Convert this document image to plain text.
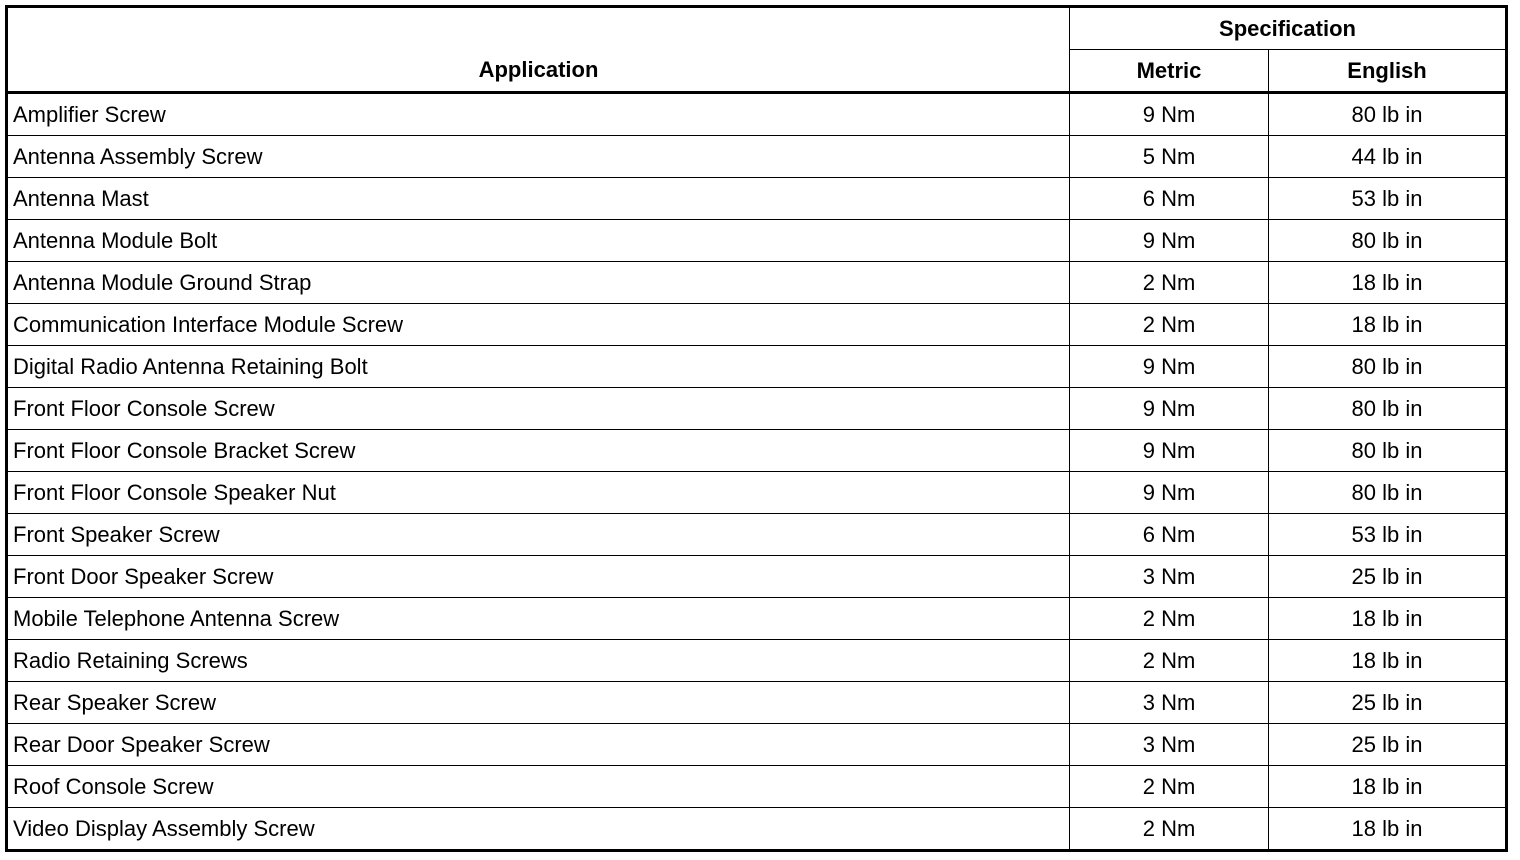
Application	Specification	
	Metric	English
Amplifier Screw	9 Nm	80 lb in
Antenna Assembly Screw	5 Nm	44 lb in
Antenna Mast	6 Nm	53 lb in
Antenna Module Bolt	9 Nm	80 lb in
Antenna Module Ground Strap	2 Nm	18 lb in
Communication Interface Module Screw	2 Nm	18 lb in
Digital Radio Antenna Retaining Bolt	9 Nm	80 lb in
Front Floor Console Screw	9 Nm	80 lb in
Front Floor Console Bracket Screw	9 Nm	80 lb in
Front Floor Console Speaker Nut	9 Nm	80 lb in
Front Speaker Screw	6 Nm	53 lb in
Front Door Speaker Screw	3 Nm	25 lb in
Mobile Telephone Antenna Screw	2 Nm	18 lb in
Radio Retaining Screws	2 Nm	18 lb in
Rear Speaker Screw	3 Nm	25 lb in
Rear Door Speaker Screw	3 Nm	25 lb in
Roof Console Screw	2 Nm	18 lb in
Video Display Assembly Screw	2 Nm	18 lb in
